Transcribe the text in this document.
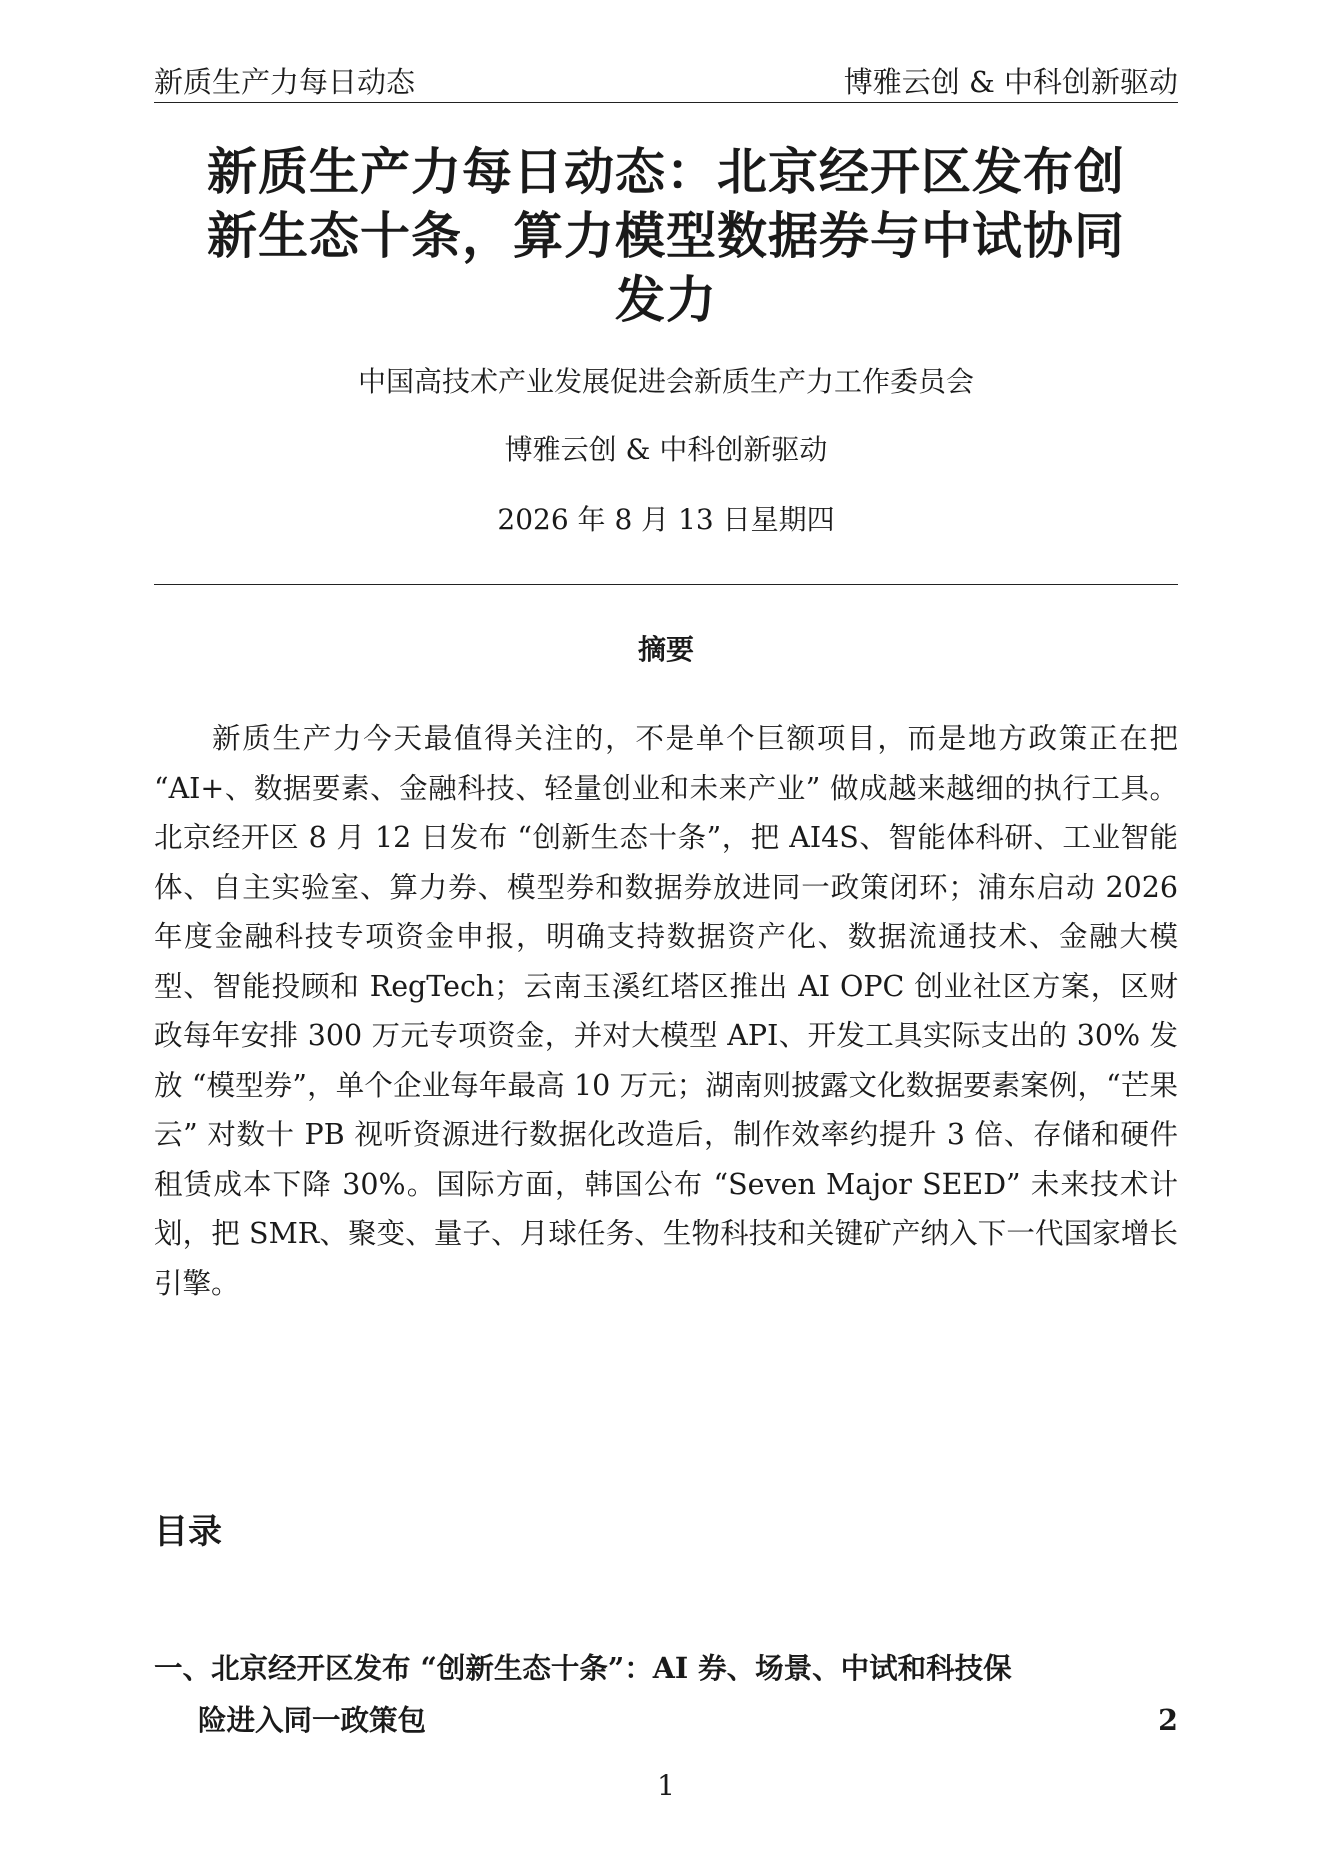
新质生产力每日动态	博雅云创 & 中科创新驱动
新质生产力每日动态：北京经开区发布创
新生态十条，算力模型数据券与中试协同
发力
中国高技术产业发展促进会新质生产力工作委员会
博雅云创 & 中科创新驱动
2026 年 8 月 13 日星期四
摘要

新质生产力今天最值得关注的，不是单个巨额项目，而是地方政策正在把 “AI+、数据要素、金融科技、轻量创业和未来产业” 做成越来越细的执行工具。北京经开区 8 月 12 日发布 “创新生态十条”，把 AI4S、智能体科研、工业智能体、自主实验室、算力券、模型券和数据券放进同一政策闭环；浦东启动 2026 年度金融科技专项资金申报，明确支持数据资产化、数据流通技术、金融大模型、智能投顾和 RegTech；云南玉溪红塔区推出 AI OPC 创业社区方案，区财政每年安排 300 万元专项资金，并对大模型 API、开发工具实际支出的 30% 发放 “模型券”，单个企业每年最高 10 万元；湖南则披露文化数据要素案例，“芒果云” 对数十 PB 视听资源进行数据化改造后，制作效率约提升 3 倍、存储和硬件租赁成本下降 30%。国际方面，韩国公布 “Seven Major SEED” 未来技术计划，把 SMR、聚变、量子、月球任务、生物科技和关键矿产纳入下一代国家增长引擎。

目录
一、北京经开区发布 “创新生态十条”：AI 券、场景、中试和科技保
险进入同一政策包	2
1
